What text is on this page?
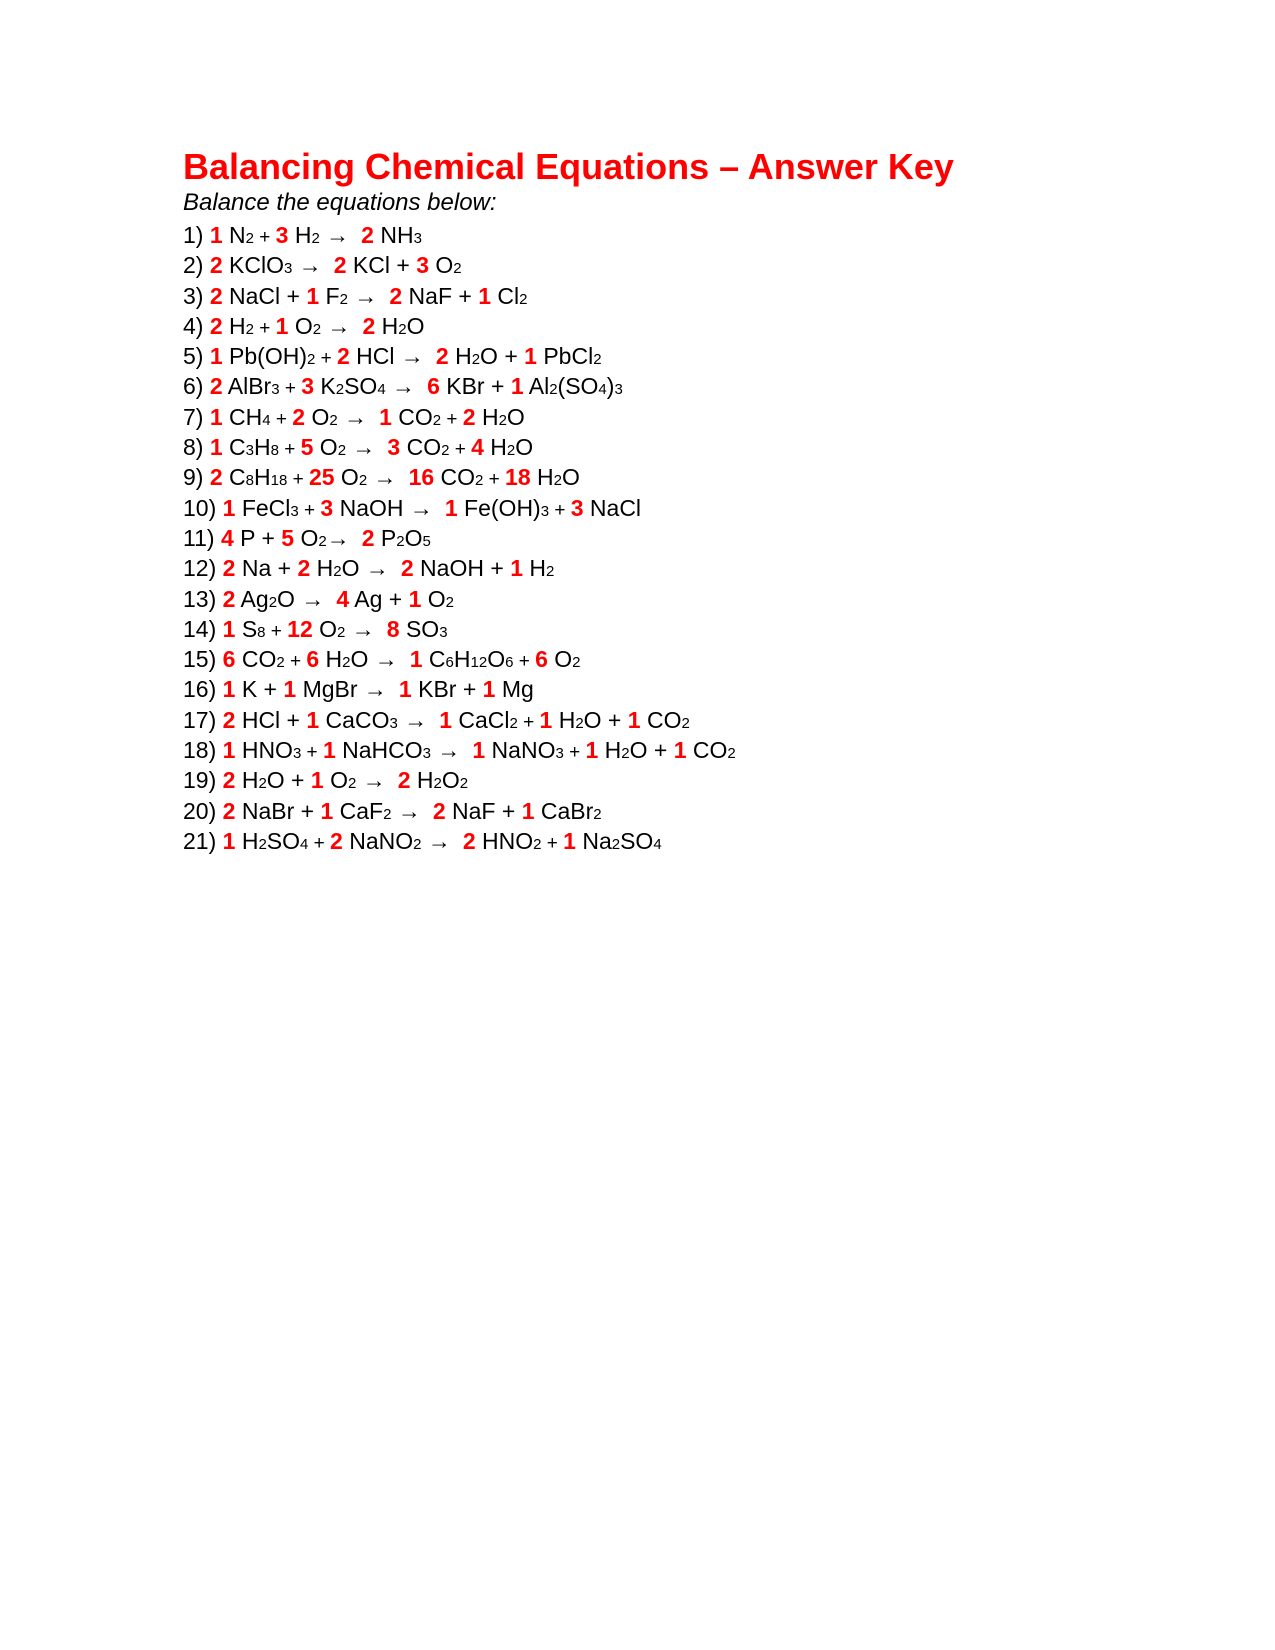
Balancing Chemical Equations – Answer Key
Balance the equations below:
1) 1 N2 + 3 H2 → 2 NH3
2) 2 KClO3 → 2 KCl + 3 O2
3) 2 NaCl + 1 F2 → 2 NaF + 1 Cl2
4) 2 H2 + 1 O2 → 2 H2O
5) 1 Pb(OH)2 + 2 HCl → 2 H2O + 1 PbCl2
6) 2 AlBr3 + 3 K2SO4 → 6 KBr + 1 Al2(SO4)3
7) 1 CH4 + 2 O2 → 1 CO2 + 2 H2O
8) 1 C3H8 + 5 O2 → 3 CO2 + 4 H2O
9) 2 C8H18 + 25 O2 → 16 CO2 + 18 H2O
10) 1 FeCl3 + 3 NaOH → 1 Fe(OH)3 + 3 NaCl
11) 4 P + 5 O2→ 2 P2O5
12) 2 Na + 2 H2O → 2 NaOH + 1 H2
13) 2 Ag2O → 4 Ag + 1 O2
14) 1 S8 + 12 O2 → 8 SO3
15) 6 CO2 + 6 H2O → 1 C6H12O6 + 6 O2
16) 1 K + 1 MgBr → 1 KBr + 1 Mg
17) 2 HCl + 1 CaCO3 → 1 CaCl2 + 1 H2O + 1 CO2
18) 1 HNO3 + 1 NaHCO3 → 1 NaNO3 + 1 H2O + 1 CO2
19) 2 H2O + 1 O2 → 2 H2O2
20) 2 NaBr + 1 CaF2 → 2 NaF + 1 CaBr2
21) 1 H2SO4 + 2 NaNO2 → 2 HNO2 + 1 Na2SO4
